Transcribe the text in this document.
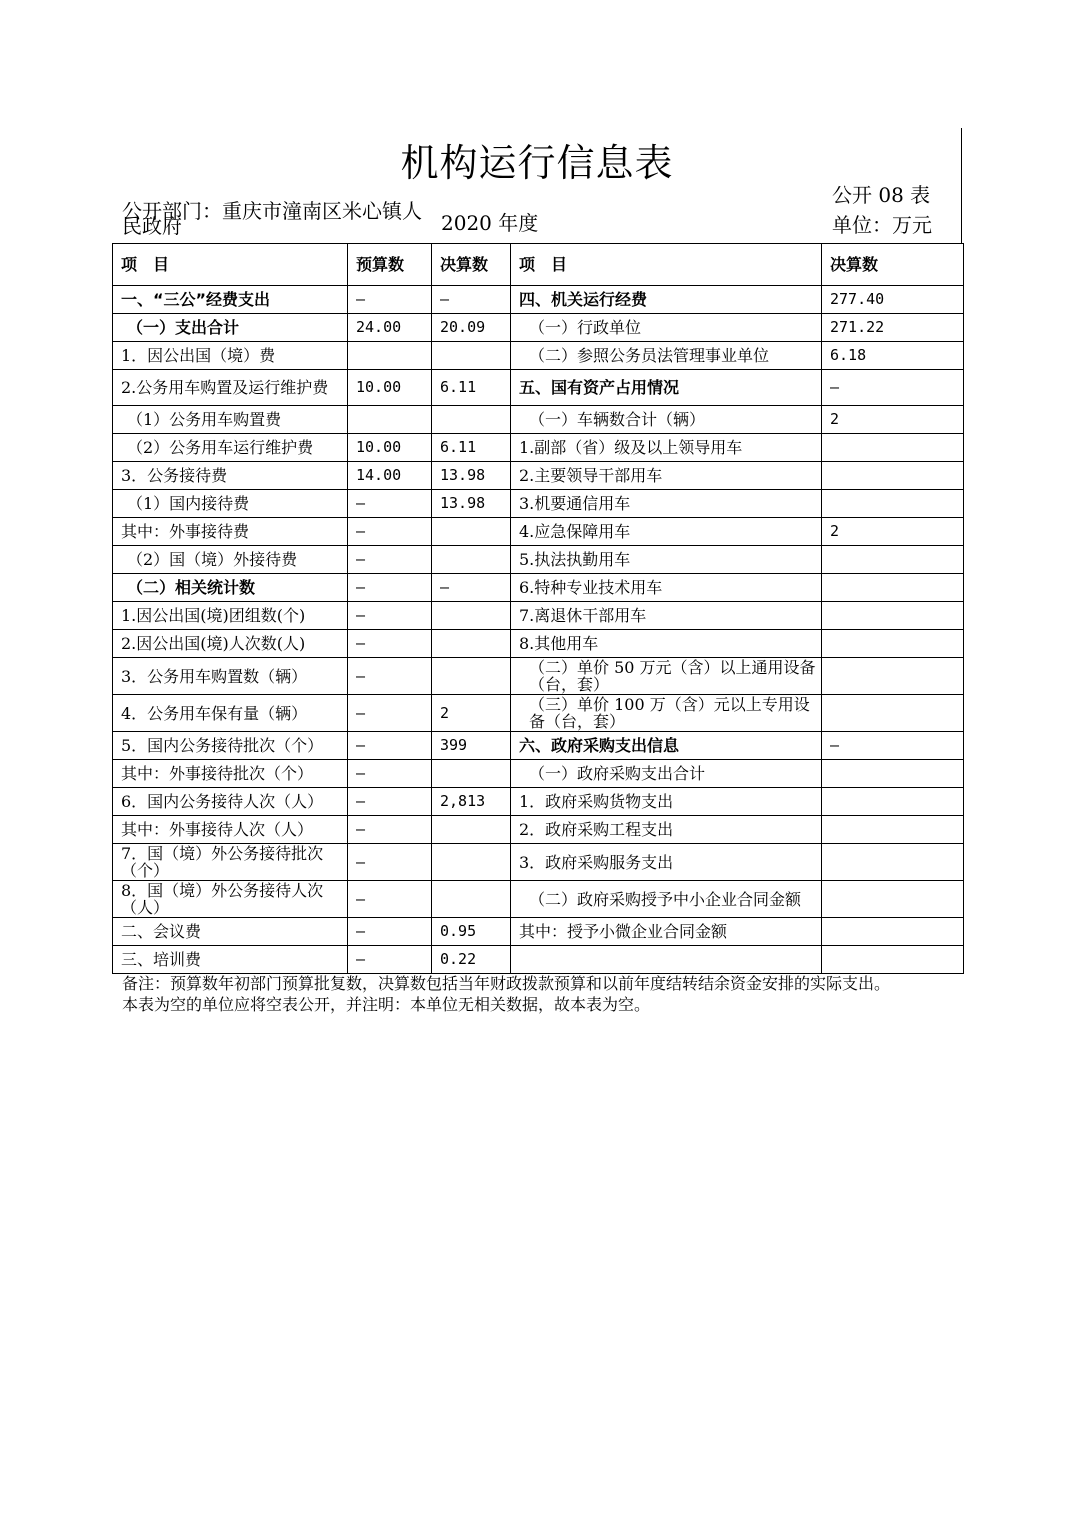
机构运行信息表
公开部门：重庆市潼南区米心镇人民政府	2020 年度
公开 08 表
单位：万元
项　目	预算数	决算数	项　目	决算数
一、“三公”经费支出	—	—	四、机关运行经费	277.40
（一）支出合计	24.00	20.09	（一）行政单位	271.22
1．因公出国（境）费			（二）参照公务员法管理事业单位	6.18
2.公务用车购置及运行维护费	10.00	6.11	五、国有资产占用情况	—
（1）公务用车购置费			（一）车辆数合计（辆）	2
（2）公务用车运行维护费	10.00	6.11	1.副部（省）级及以上领导用车	
3．公务接待费	14.00	13.98	2.主要领导干部用车	
（1）国内接待费	—	13.98	3.机要通信用车	
其中：外事接待费	—		4.应急保障用车	2
（2）国（境）外接待费	—		5.执法执勤用车	
（二）相关统计数	—	—	6.特种专业技术用车	
1.因公出国(境)团组数(个)	—		7.离退休干部用车	
2.因公出国(境)人次数(人)	—		8.其他用车	
3．公务用车购置数（辆）	—		（二）单价 50 万元（含）以上通用设备（台，套）	
4．公务用车保有量（辆）	—	2	（三）单价 100 万（含）元以上专用设备（台，套）	
5．国内公务接待批次（个）	—	399	六、政府采购支出信息	—
其中：外事接待批次（个）	—		（一）政府采购支出合计	
6．国内公务接待人次（人）	—	2,813	1．政府采购货物支出	
其中：外事接待人次（人）	—		2．政府采购工程支出	
7．国（境）外公务接待批次（个）	—		3．政府采购服务支出	
8．国（境）外公务接待人次（人）	—		（二）政府采购授予中小企业合同金额	
二、会议费	—	0.95	其中：授予小微企业合同金额	
三、培训费	—	0.22		
备注：预算数年初部门预算批复数，决算数包括当年财政拨款预算和以前年度结转结余资金安排的实际支出。
本表为空的单位应将空表公开，并注明：本单位无相关数据，故本表为空。
